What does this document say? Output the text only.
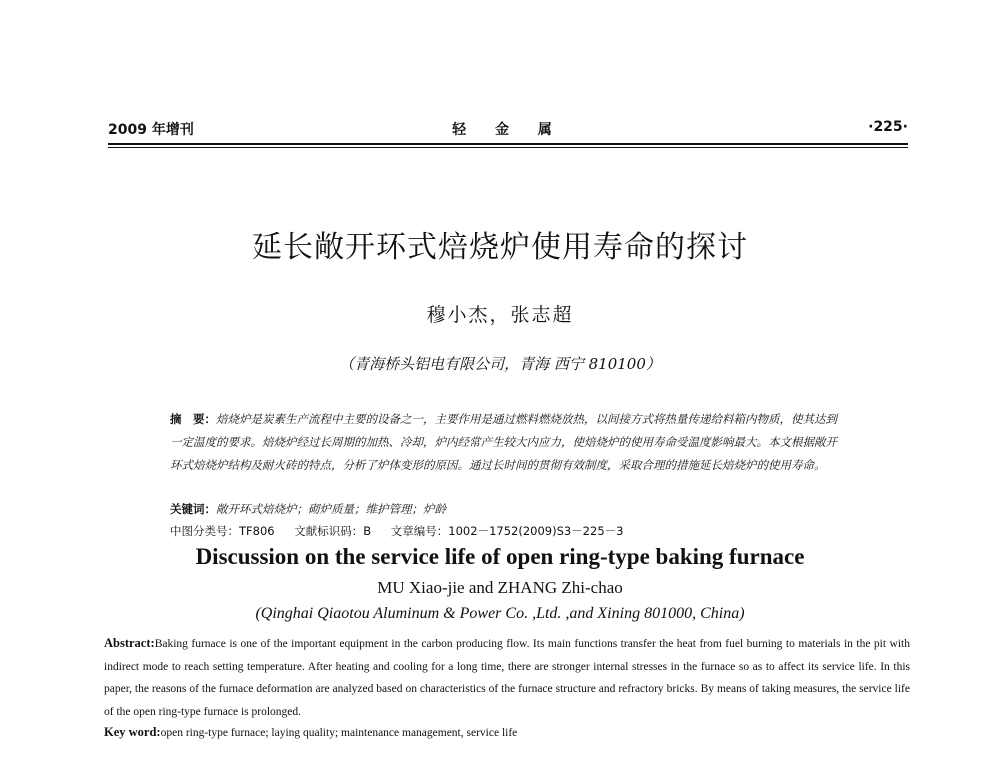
2009 年增刊	轻 金 属	·225·
延长敞开环式焙烧炉使用寿命的探讨
穆小杰，张志超
（青海桥头铝电有限公司，青海 西宁 810100）
摘　要：焙烧炉是炭素生产流程中主要的设备之一，主要作用是通过燃料燃烧放热，以间接方式将热量传递给料箱内物质，使其达到一定温度的要求。焙烧炉经过长周期的加热、冷却，炉内经常产生较大内应力，使焙烧炉的使用寿命受温度影响最大。本文根据敞开环式焙烧炉结构及耐火砖的特点，分析了炉体变形的原因。通过长时间的贯彻有效制度，采取合理的措施延长焙烧炉的使用寿命。
关键词：敞开环式焙烧炉；砌炉质量；维护管理；炉龄
中图分类号：TF806 文献标识码：B 文章编号：1002－1752(2009)S3－225－3
Discussion on the service life of open ring-type baking furnace
MU Xiao-jie and ZHANG Zhi-chao
(Qinghai Qiaotou Aluminum & Power Co. ,Ltd. ,and Xining 801000, China)
Abstract:Baking furnace is one of the important equipment in the carbon producing flow. Its main functions transfer the heat from fuel burning to materials in the pit with indirect mode to reach setting temperature. After heating and cooling for a long time, there are stronger internal stresses in the furnace so as to affect its service life. In this paper, the reasons of the furnace deformation are analyzed based on characteristics of the furnace structure and refractory bricks. By means of taking measures, the service life of the open ring-type furnace is prolonged.
Key word:open ring-type furnace; laying quality; maintenance management, service life
